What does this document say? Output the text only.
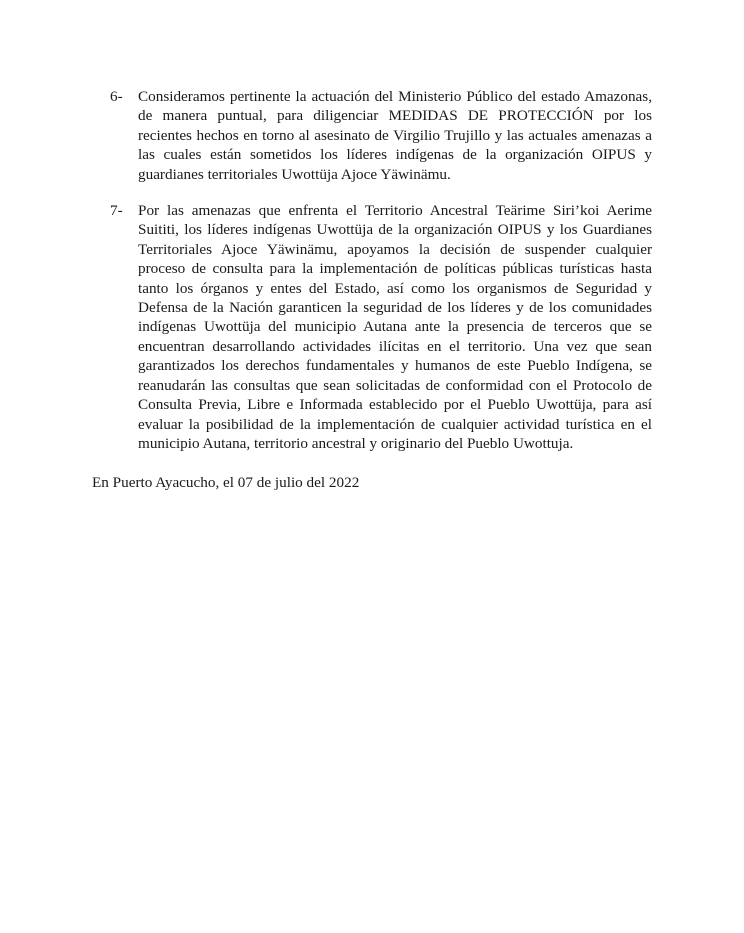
6-	Consideramos pertinente la actuación del Ministerio Público del estado Amazonas, de manera puntual, para diligenciar MEDIDAS DE PROTECCIÓN por los recientes hechos en torno al asesinato de Virgilio Trujillo y las actuales amenazas a las cuales están sometidos los líderes indígenas de la organización OIPUS y guardianes territoriales Uwottüja Ajoce Yäwinämu.
7-	Por las amenazas que enfrenta el Territorio Ancestral Teärime Siri’koi Aerime Suititi, los líderes indígenas Uwottüja de la organización OIPUS y los Guardianes Territoriales Ajoce Yäwinämu, apoyamos la decisión de suspender cualquier proceso de consulta para la implementación de políticas públicas turísticas hasta tanto los órganos y entes del Estado, así como los organismos de Seguridad y Defensa de la Nación garanticen la seguridad de los líderes y de los comunidades indígenas Uwottüja del municipio Autana ante la presencia de terceros que se encuentran desarrollando actividades ilícitas en el territorio. Una vez que sean garantizados los derechos fundamentales y humanos de este Pueblo Indígena, se reanudarán las consultas que sean solicitadas de conformidad con el Protocolo de Consulta Previa, Libre e Informada establecido por el Pueblo Uwottüja, para así evaluar la posibilidad de la implementación de cualquier actividad turística en el municipio Autana, territorio ancestral y originario del Pueblo Uwottuja.
En Puerto Ayacucho, el 07 de julio del 2022
